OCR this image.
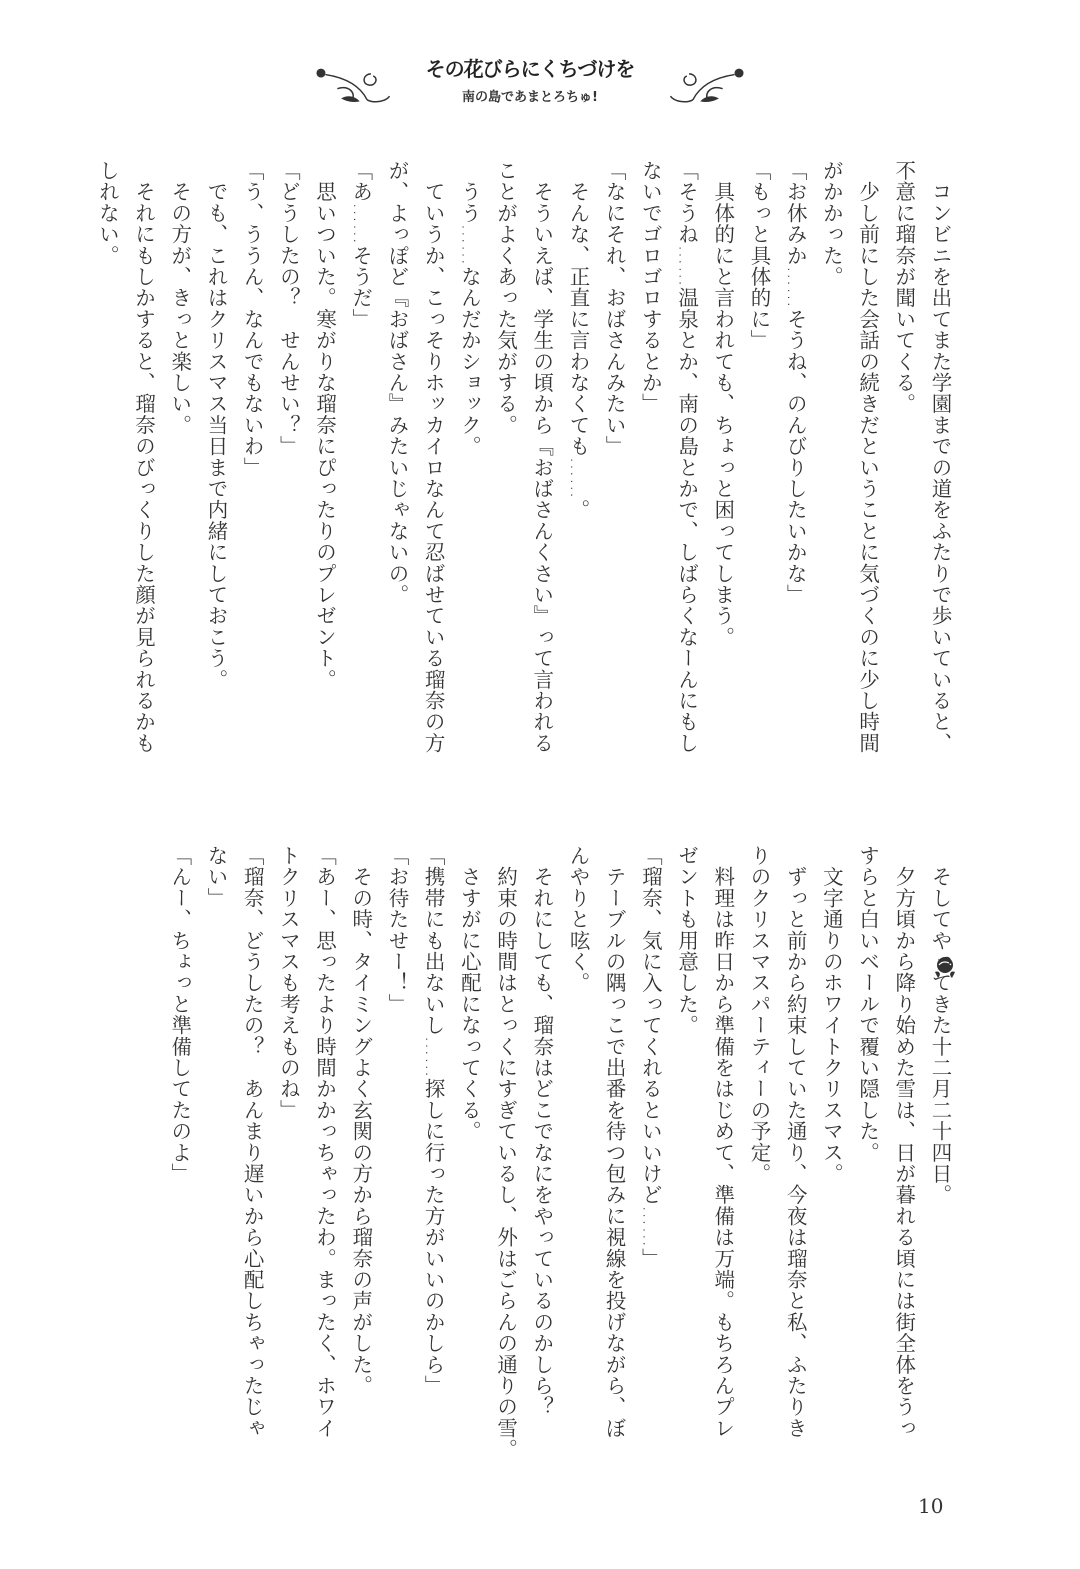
その花びらにくちづけを
南の島であまとろちゅ!
　コンビニを出てまた学園までの道をふたりで歩いていると、
不意に瑠奈が聞いてくる。
　少し前にした会話の続きだということに気づくのに少し時間
がかかった。
「お休みか……そうね、のんびりしたいかな」
「もっと具体的に」
　具体的にと言われても、ちょっと困ってしまう。
「そうね……温泉とか、南の島とかで、しばらくなーんにもし
ないでゴロゴロするとか」
「なにそれ、おばさんみたい」
　そんな、正直に言わなくても……。
　そういえば、学生の頃から『おばさんくさい』って言われる
ことがよくあった気がする。
　うう……なんだかショック。
　ていうか、こっそりホッカイロなんて忍ばせている瑠奈の方
が、よっぽど『おばさん』みたいじゃないの。
「あ……そうだ」
　思いついた。寒がりな瑠奈にぴったりのプレゼント。
「どうしたの？　せんせい？」
「う、ううん、なんでもないわ」
　でも、これはクリスマス当日まで内緒にしておこう。
　その方が、きっと楽しい。
　それにもしかすると、瑠奈のびっくりした顔が見られるかも
しれない。
　そしてやってきた十二月二十四日。
　夕方頃から降り始めた雪は、日が暮れる頃には街全体をうっ
すらと白いベールで覆い隠した。
　文字通りのホワイトクリスマス。
　ずっと前から約束していた通り、今夜は瑠奈と私、ふたりき
りのクリスマスパーティーの予定。
　料理は昨日から準備をはじめて、準備は万端。もちろんプレ
ゼントも用意した。
「瑠奈、気に入ってくれるといいけど……」
　テーブルの隅っこで出番を待つ包みに視線を投げながら、ぼ
んやりと呟く。
　それにしても、瑠奈はどこでなにをやっているのかしら？
　約束の時間はとっくにすぎているし、外はごらんの通りの雪。
　さすがに心配になってくる。
「携帯にも出ないし……探しに行った方がいいのかしら」
「お待たせー！」
　その時、タイミングよく玄関の方から瑠奈の声がした。
「あー、思ったより時間かかっちゃったわ。まったく、ホワイ
トクリスマスも考えものね」
「瑠奈、どうしたの？　あんまり遅いから心配しちゃったじゃ
ない」
「んー、ちょっと準備してたのよ」
10
